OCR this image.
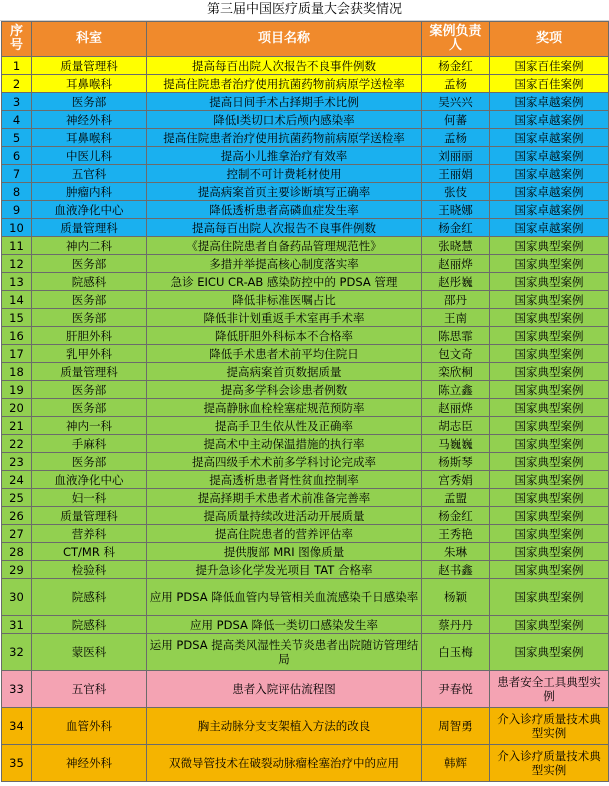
第三届中国医疗质量大会获奖情况
序号	科室	项目名称	案例负责人	奖项
1	质量管理科	提高每百出院人次报告不良事件例数	杨金红	国家百佳案例
2	耳鼻喉科	提高住院患者治疗使用抗菌药物前病原学送检率	孟杨	国家百佳案例
3	医务部	提高日间手术占择期手术比例	吴兴兴	国家卓越案例
4	神经外科	降低Ⅰ类切口术后颅内感染率	何蕃	国家卓越案例
5	耳鼻喉科	提高住院患者治疗使用抗菌药物前病原学送检率	孟杨	国家卓越案例
6	中医儿科	提高小儿推拿治疗有效率	刘丽丽	国家卓越案例
7	五官科	控制不可计费耗材使用	王丽娟	国家卓越案例
8	肿瘤内科	提高病案首页主要诊断填写正确率	张伎	国家卓越案例
9	血液净化中心	降低透析患者高磷血症发生率	王晓娜	国家卓越案例
10	质量管理科	提高每百出院人次报告不良事件例数	杨金红	国家卓越案例
11	神内二科	《提高住院患者自备药品管理规范性》	张晓慧	国家典型案例
12	医务部	多措并举提高核心制度落实率	赵丽烨	国家典型案例
13	院感科	急诊 EICU CR-AB 感染防控中的 PDSA 管理	赵彤巍	国家典型案例
14	医务部	降低非标准医嘱占比	邵丹	国家典型案例
15	医务部	降低非计划重返手术室再手术率	王南	国家典型案例
16	肝胆外科	降低肝胆外科标本不合格率	陈思霏	国家典型案例
17	乳甲外科	降低手术患者术前平均住院日	包文奇	国家典型案例
18	质量管理科	提高病案首页数据质量	栾欣桐	国家典型案例
19	医务部	提高多学科会诊患者例数	陈立鑫	国家典型案例
20	医务部	提高静脉血栓栓塞症规范预防率	赵丽烨	国家典型案例
21	神内一科	提高手卫生依从性及正确率	胡志臣	国家典型案例
22	手麻科	提高术中主动保温措施的执行率	马巍巍	国家典型案例
23	医务部	提高四级手术术前多学科讨论完成率	杨斯琴	国家典型案例
24	血液净化中心	提高透析患者肾性贫血控制率	宫秀娟	国家典型案例
25	妇一科	提高择期手术患者术前准备完善率	孟盟	国家典型案例
26	质量管理科	提高质量持续改进活动开展质量	杨金红	国家典型案例
27	营养科	提高住院患者的营养评估率	王秀艳	国家典型案例
28	CT/MR 科	提供腹部 MRI 图像质量	朱琳	国家典型案例
29	检验科	提升急诊化学发光项目 TAT 合格率	赵书鑫	国家典型案例
30	院感科	应用 PDSA 降低血管内导管相关血流感染千日感染率	杨颖	国家典型案例
31	院感科	应用 PDSA 降低一类切口感染发生率	蔡丹丹	国家典型案例
32	蒙医科	运用 PDSA 提高类风湿性关节炎患者出院随访管理结局	白玉梅	国家典型案例
33	五官科	患者入院评估流程图	尹春悦	患者安全工具典型实例
34	血管外科	胸主动脉分支支架植入方法的改良	周智勇	介入诊疗质量技术典型实例
35	神经外科	双微导管技术在破裂动脉瘤栓塞治疗中的应用	韩辉	介入诊疗质量技术典型实例
